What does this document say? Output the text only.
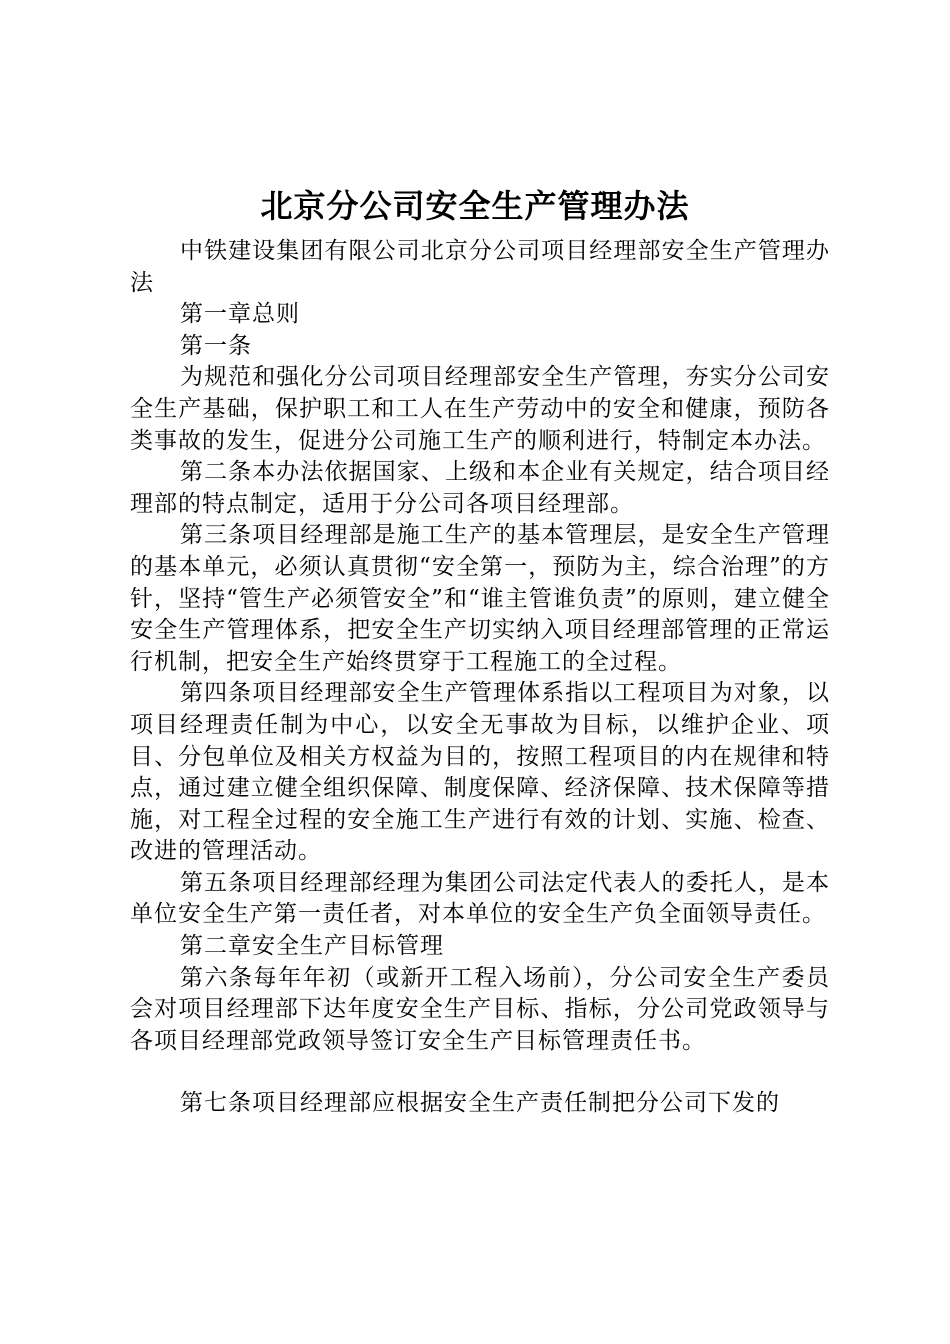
北京分公司安全生产管理办法

中铁建设集团有限公司北京分公司项目经理部安全生产管理办法

第一章总则

第一条

为规范和强化分公司项目经理部安全生产管理，夯实分公司安全生产基础，保护职工和工人在生产劳动中的安全和健康，预防各类事故的发生，促进分公司施工生产的顺利进行，特制定本办法。

第二条本办法依据国家、上级和本企业有关规定，结合项目经理部的特点制定，适用于分公司各项目经理部。

第三条项目经理部是施工生产的基本管理层，是安全生产管理的基本单元，必须认真贯彻“安全第一，预防为主，综合治理”的方针，坚持“管生产必须管安全”和“谁主管谁负责”的原则，建立健全安全生产管理体系，把安全生产切实纳入项目经理部管理的正常运行机制，把安全生产始终贯穿于工程施工的全过程。

第四条项目经理部安全生产管理体系指以工程项目为对象，以项目经理责任制为中心，以安全无事故为目标，以维护企业、项目、分包单位及相关方权益为目的，按照工程项目的内在规律和特点，通过建立健全组织保障、制度保障、经济保障、技术保障等措施，对工程全过程的安全施工生产进行有效的计划、实施、检查、改进的管理活动。

第五条项目经理部经理为集团公司法定代表人的委托人，是本单位安全生产第一责任者，对本单位的安全生产负全面领导责任。

第二章安全生产目标管理

第六条每年年初（或新开工程入场前），分公司安全生产委员会对项目经理部下达年度安全生产目标、指标，分公司党政领导与各项目经理部党政领导签订安全生产目标管理责任书。

第七条项目经理部应根据安全生产责任制把分公司下发的
